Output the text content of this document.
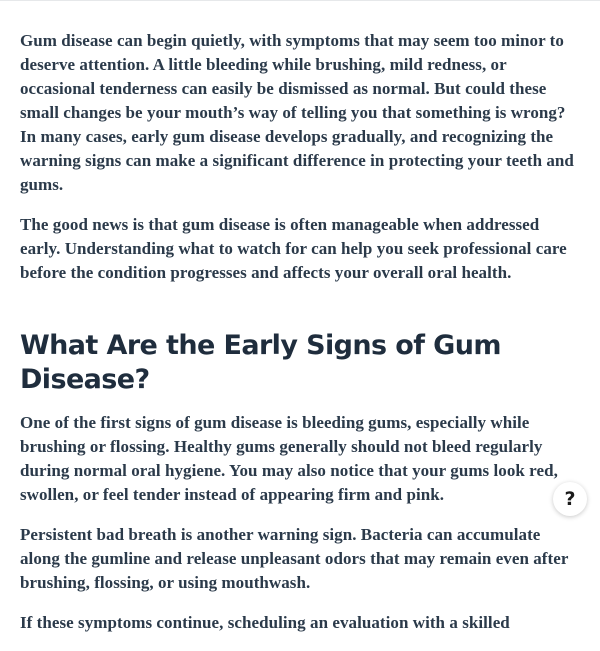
Gum disease can begin quietly, with symptoms that may seem too minor to deserve attention. A little bleeding while brushing, mild redness, or occasional tenderness can easily be dismissed as normal. But could these small changes be your mouth’s way of telling you that something is wrong? In many cases, early gum disease develops gradually, and recognizing the warning signs can make a significant difference in protecting your teeth and gums.

The good news is that gum disease is often manageable when addressed early. Understanding what to watch for can help you seek professional care before the condition progresses and affects your overall oral health.

What Are the Early Signs of Gum Disease?

One of the first signs of gum disease is bleeding gums, especially while brushing or flossing. Healthy gums generally should not bleed regularly during normal oral hygiene. You may also notice that your gums look red, swollen, or feel tender instead of appearing firm and pink.

Persistent bad breath is another warning sign. Bacteria can accumulate along the gumline and release unpleasant odors that may remain even after brushing, flossing, or using mouthwash.

If these symptoms continue, scheduling an evaluation with a skilled

?
